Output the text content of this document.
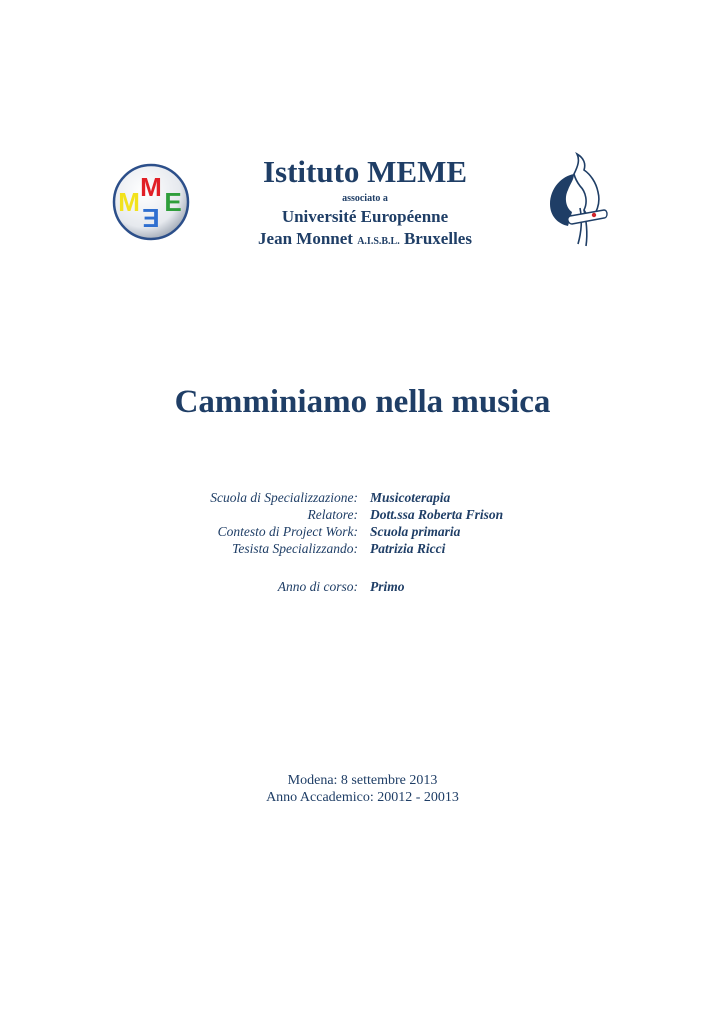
M E
M
E
Istituto MEME
associato a
Université Européenne
Jean Monnet A.I.S.B.L. Bruxelles
Camminiamo nella musica
Scuola di Specializzazione: Musicoterapia
Relatore: Dott.ssa Roberta Frison
Contesto di Project Work: Scuola primaria
Tesista Specializzando: Patrizia Ricci
Anno di corso: Primo
Modena: 8 settembre 2013
Anno Accademico: 20012 - 20013
